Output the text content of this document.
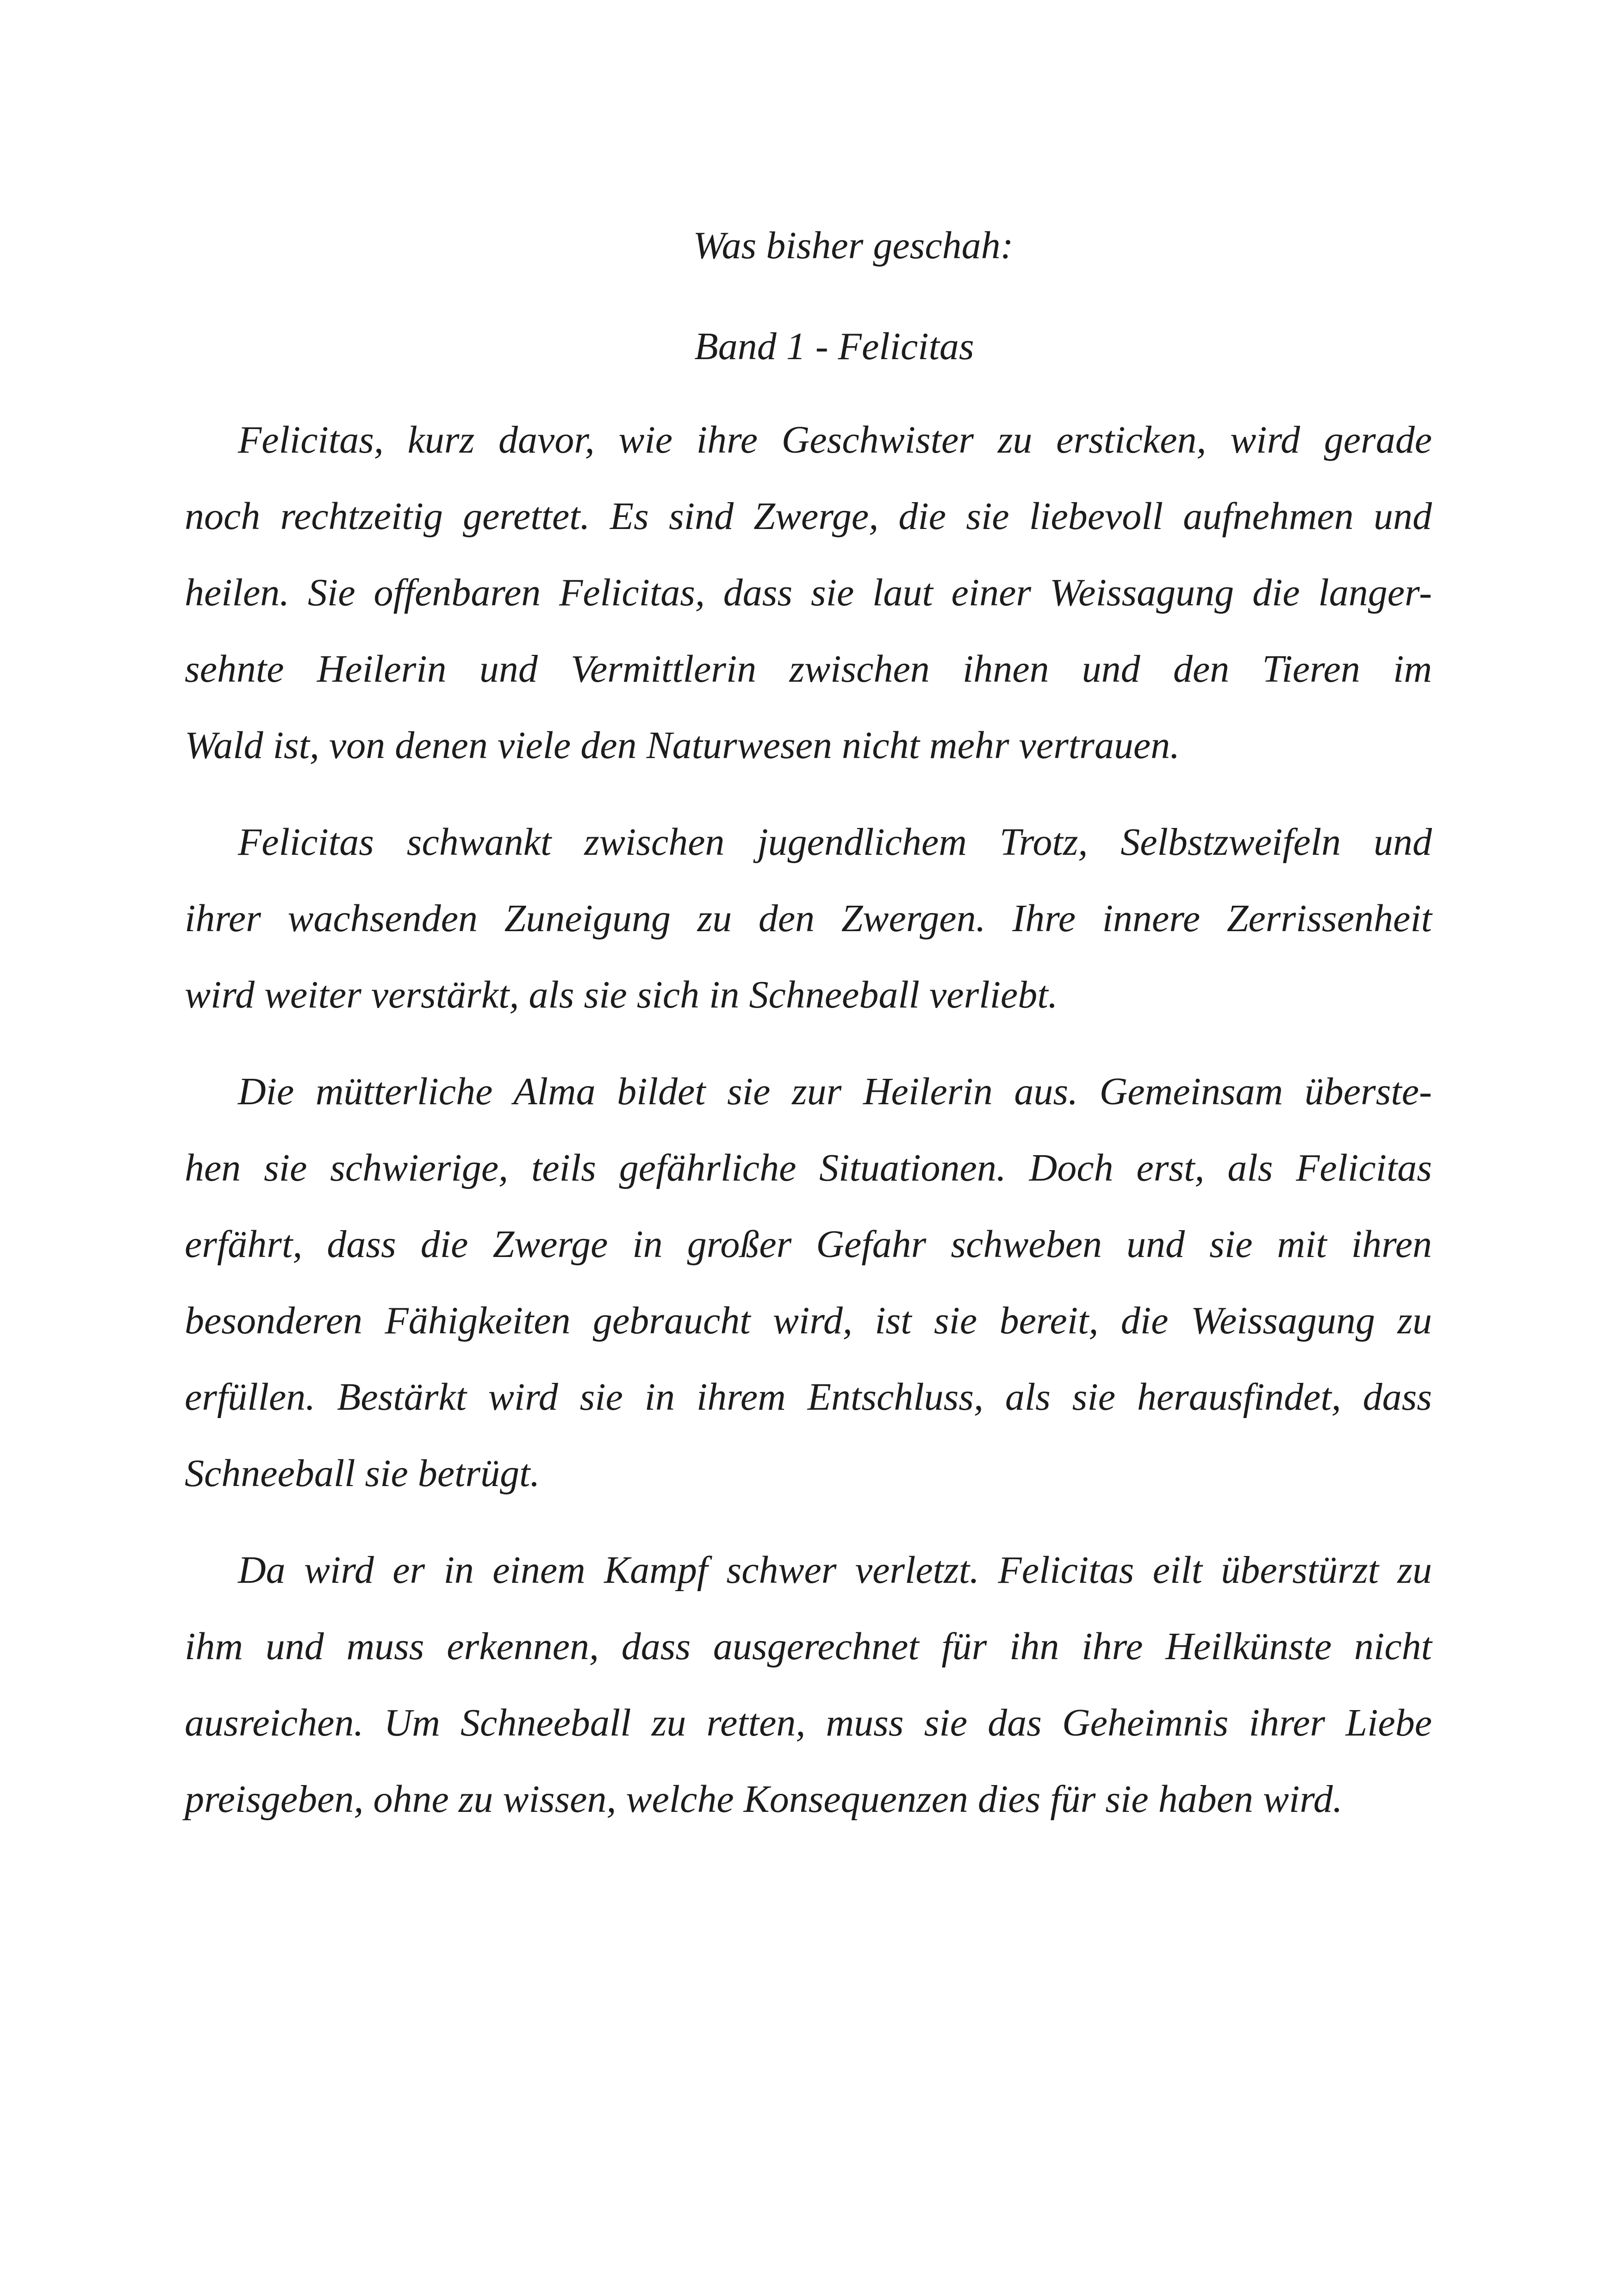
Was bisher geschah:
Band 1 - Felicitas
Felicitas, kurz davor, wie ihre Geschwister zu ersticken, wird gerade
noch rechtzeitig gerettet. Es sind Zwerge, die sie liebevoll aufnehmen und
heilen. Sie offenbaren Felicitas, dass sie laut einer Weissagung die langer-
sehnte Heilerin und Vermittlerin zwischen ihnen und den Tieren im
Wald ist, von denen viele den Naturwesen nicht mehr vertrauen.
Felicitas schwankt zwischen jugendlichem Trotz, Selbstzweifeln und
ihrer wachsenden Zuneigung zu den Zwergen. Ihre innere Zerrissenheit
wird weiter verstärkt, als sie sich in Schneeball verliebt.
Die mütterliche Alma bildet sie zur Heilerin aus. Gemeinsam überste-
hen sie schwierige, teils gefährliche Situationen. Doch erst, als Felicitas
erfährt, dass die Zwerge in großer Gefahr schweben und sie mit ihren
besonderen Fähigkeiten gebraucht wird, ist sie bereit, die Weissagung zu
erfüllen. Bestärkt wird sie in ihrem Entschluss, als sie herausfindet, dass
Schneeball sie betrügt.
Da wird er in einem Kampf schwer verletzt. Felicitas eilt überstürzt zu
ihm und muss erkennen, dass ausgerechnet für ihn ihre Heilkünste nicht
ausreichen. Um Schneeball zu retten, muss sie das Geheimnis ihrer Liebe
preisgeben, ohne zu wissen, welche Konsequenzen dies für sie haben wird.
